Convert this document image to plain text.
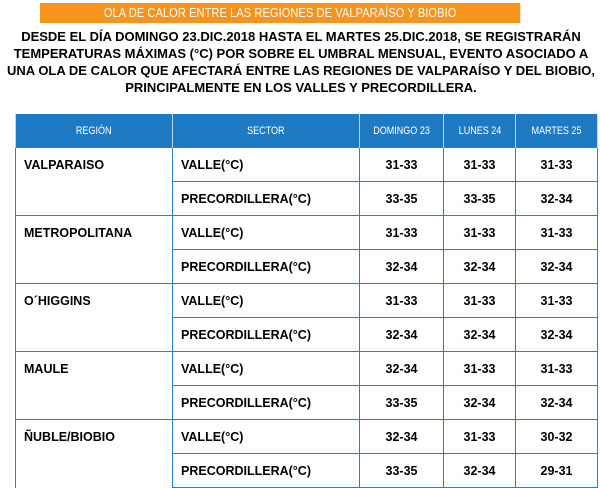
OLA DE CALOR ENTRE LAS REGIONES DE VALPARAÍSO Y BIOBIO
DESDE EL DÍA DOMINGO 23.DIC.2018 HASTA EL MARTES 25.DIC.2018, SE REGISTRARÁN TEMPERATURAS MÁXIMAS (°C) POR SOBRE EL UMBRAL MENSUAL, EVENTO ASOCIADO A UNA OLA DE CALOR QUE AFECTARÁ ENTRE LAS REGIONES DE VALPARAÍSO Y DEL BIOBIO, PRINCIPALMENTE EN LOS VALLES Y PRECORDILLERA.
REGIÓN	SECTOR	DOMINGO 23	LUNES 24	MARTES 25
VALPARAISO	VALLE(°C)	31-33	31-33	31-33
	PRECORDILLERA(°C)	33-35	33-35	32-34
METROPOLITANA	VALLE(°C)	31-33	31-33	31-33
	PRECORDILLERA(°C)	32-34	32-34	32-34
O´HIGGINS	VALLE(°C)	31-33	31-33	31-33
	PRECORDILLERA(°C)	32-34	32-34	32-34
MAULE	VALLE(°C)	32-34	31-33	31-33
	PRECORDILLERA(°C)	33-35	32-34	32-34
ÑUBLE/BIOBIO	VALLE(°C)	32-34	31-33	30-32
	PRECORDILLERA(°C)	33-35	32-34	29-31
